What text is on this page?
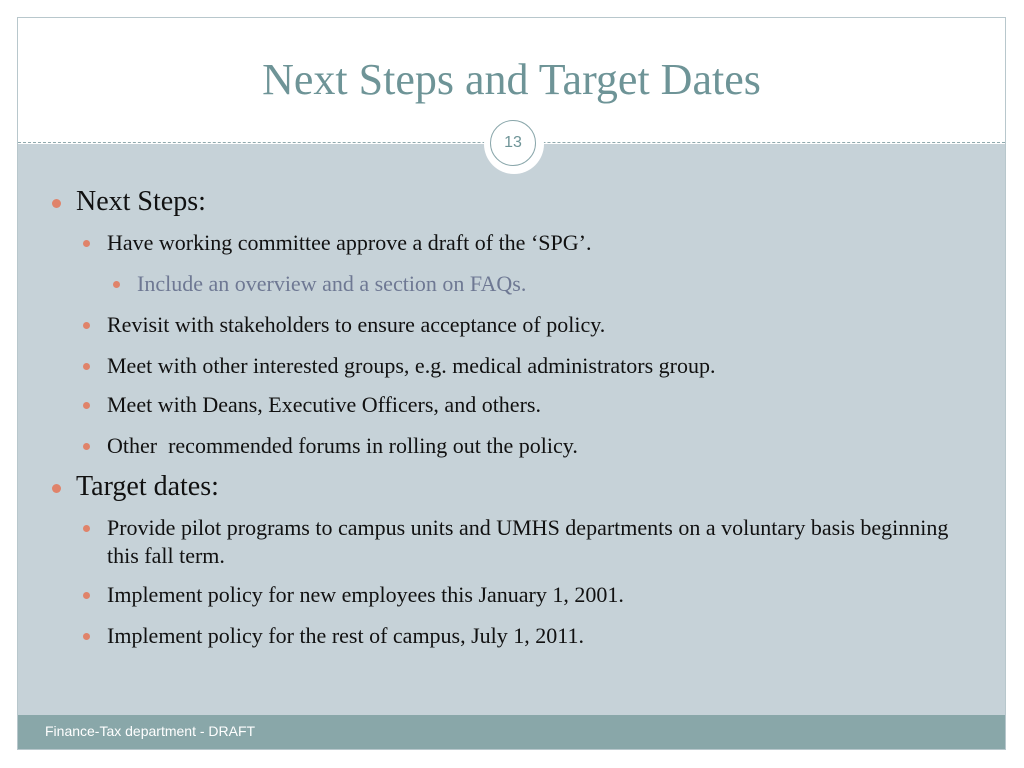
Next Steps and Target Dates
13
Next Steps:
Have working committee approve a draft of the ‘SPG’.
Include an overview and a section on FAQs.
Revisit with stakeholders to ensure acceptance of policy.
Meet with other interested groups, e.g. medical administrators group.
Meet with Deans, Executive Officers, and others.
Other  recommended forums in rolling out the policy.
Target dates:
Provide pilot programs to campus units and UMHS departments on a voluntary basis beginning this fall term.
Implement policy for new employees this January 1, 2001.
Implement policy for the rest of campus, July 1, 2011.
Finance-Tax department - DRAFT
